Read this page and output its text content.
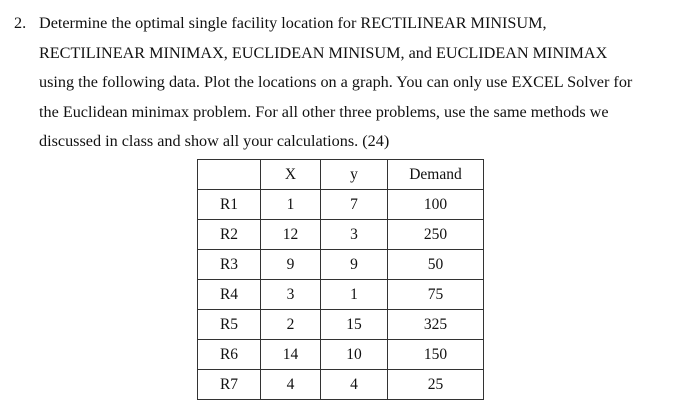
2. Determine the optimal single facility location for RECTILINEAR MINISUM,
RECTILINEAR MINIMAX, EUCLIDEAN MINISUM, and EUCLIDEAN MINIMAX
using the following data. Plot the locations on a graph. You can only use EXCEL Solver for
the Euclidean minimax problem. For all other three problems, use the same methods we
discussed in class and show all your calculations. (24)
	X	y	Demand
R1	1	7	100
R2	12	3	250
R3	9	9	50
R4	3	1	75
R5	2	15	325
R6	14	10	150
R7	4	4	25
